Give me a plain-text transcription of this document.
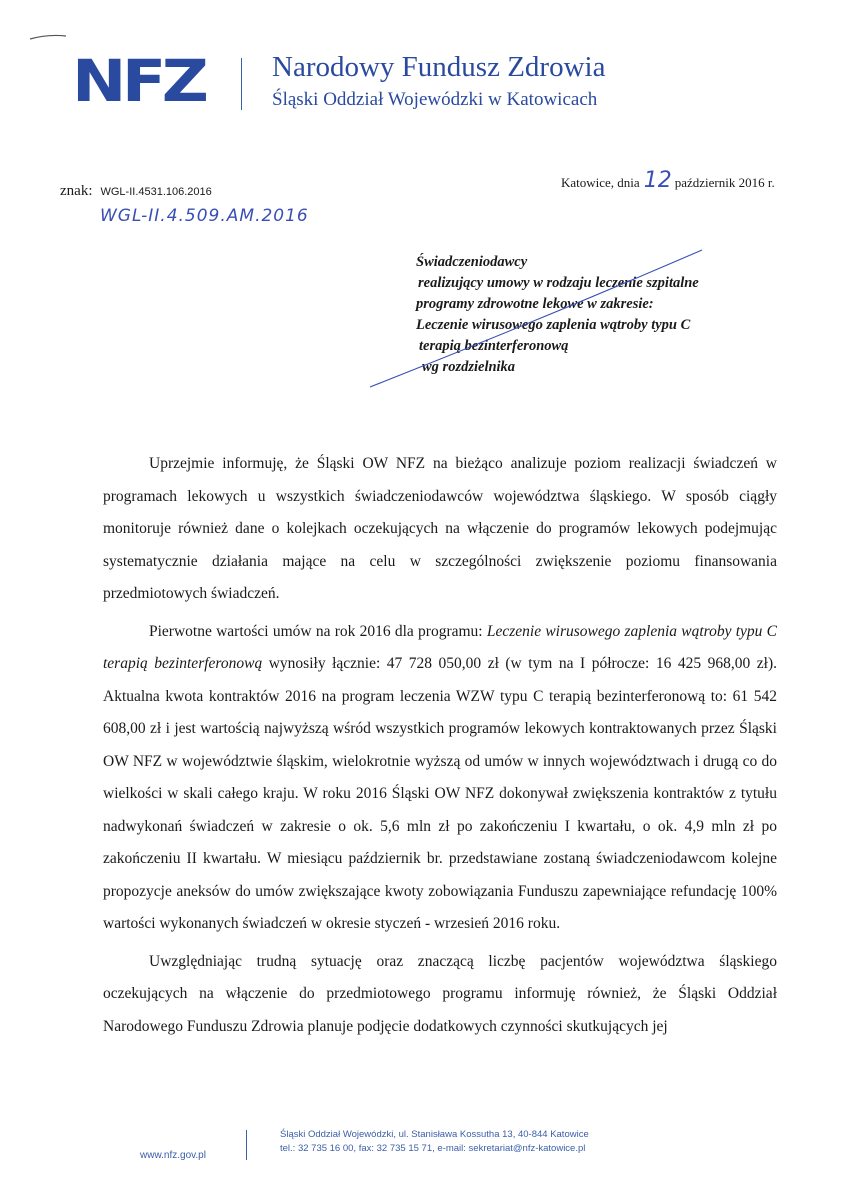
NFZ Narodowy Fundusz Zdrowia
Śląski Oddział Wojewódzki w Katowicach
Katowice, dnia 12 październik 2016 r.
znak: WGL-II.4531.106.2016
WGL-II.4.509.AM.2016
Świadczeniodawcy
realizujący umowy w rodzaju leczenie szpitalne
programy zdrowotne lekowe w zakresie:
Leczenie wirusowego zaplenia wątroby typu C
terapią bezinterferonową
wg rozdzielnika

Uprzejmie informuję, że Śląski OW NFZ na bieżąco analizuje poziom realizacji świadczeń w programach lekowych u wszystkich świadczeniodawców województwa śląskiego. W sposób ciągły monitoruje również dane o kolejkach oczekujących na włączenie do programów lekowych podejmując systematycznie działania mające na celu w szczególności zwiększenie poziomu finansowania przedmiotowych świadczeń.

Pierwotne wartości umów na rok 2016 dla programu: Leczenie wirusowego zaplenia wątroby typu C terapią bezinterferonową wynosiły łącznie: 47 728 050,00 zł (w tym na I półrocze: 16 425 968,00 zł). Aktualna kwota kontraktów 2016 na program leczenia WZW typu C terapią bezinterferonową to: 61 542 608,00 zł i jest wartością najwyższą wśród wszystkich programów lekowych kontraktowanych przez Śląski OW NFZ w województwie śląskim, wielokrotnie wyższą od umów w innych województwach i drugą co do wielkości w skali całego kraju. W roku 2016 Śląski OW NFZ dokonywał zwiększenia kontraktów z tytułu nadwykonań świadczeń w zakresie o ok. 5,6 mln zł po zakończeniu I kwartału, o ok. 4,9 mln zł po zakończeniu II kwartału. W miesiącu październik br. przedstawiane zostaną świadczeniodawcom kolejne propozycje aneksów do umów zwiększające kwoty zobowiązania Funduszu zapewniające refundację 100% wartości wykonanych świadczeń w okresie styczeń - wrzesień 2016 roku.

Uwzględniając trudną sytuację oraz znaczącą liczbę pacjentów województwa śląskiego oczekujących na włączenie do przedmiotowego programu informuję również, że Śląski Oddział Narodowego Funduszu Zdrowia planuje podjęcie dodatkowych czynności skutkujących jej

www.nfz.gov.pl
Śląski Oddział Wojewódzki, ul. Stanisława Kossutha 13, 40-844 Katowice
tel.: 32 735 16 00, fax: 32 735 15 71, e-mail: sekretariat@nfz-katowice.pl
